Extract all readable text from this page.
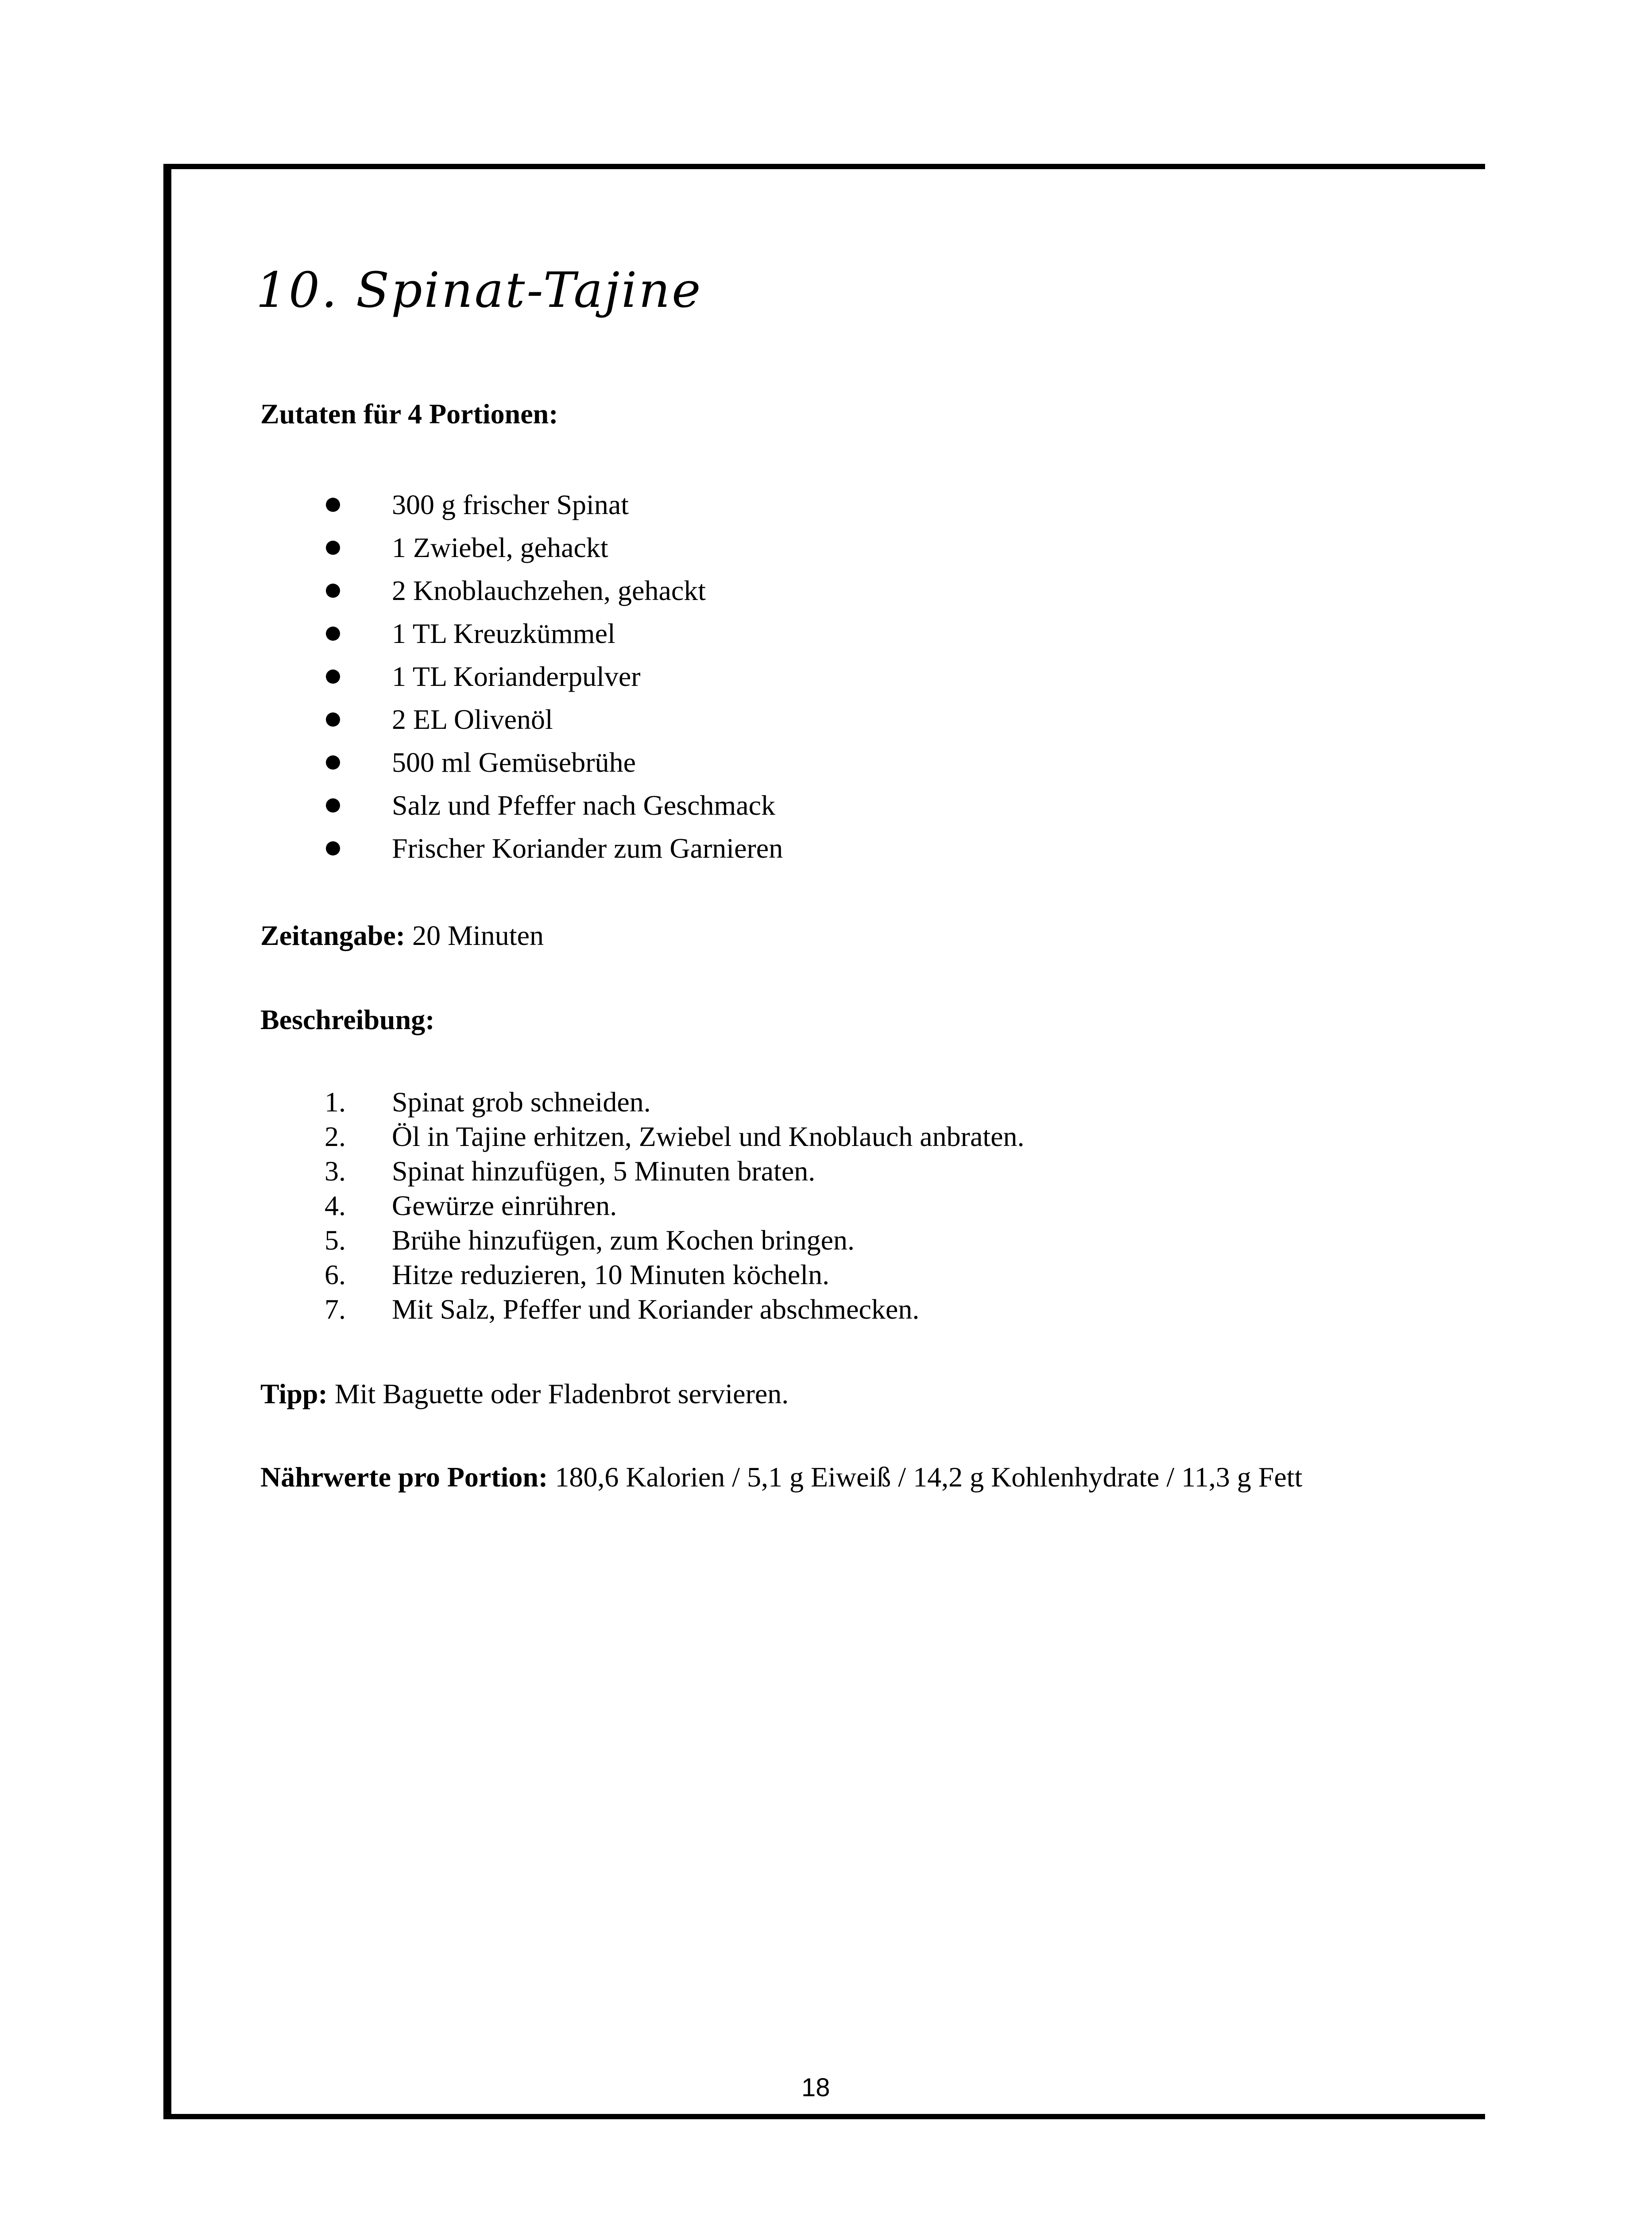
10. Spinat-Tajine
Zutaten für 4 Portionen:
300 g frischer Spinat
1 Zwiebel, gehackt
2 Knoblauchzehen, gehackt
1 TL Kreuzkümmel
1 TL Korianderpulver
2 EL Olivenöl
500 ml Gemüsebrühe
Salz und Pfeffer nach Geschmack
Frischer Koriander zum Garnieren
Zeitangabe: 20 Minuten
Beschreibung:
1. Spinat grob schneiden.
2. Öl in Tajine erhitzen, Zwiebel und Knoblauch anbraten.
3. Spinat hinzufügen, 5 Minuten braten.
4. Gewürze einrühren.
5. Brühe hinzufügen, zum Kochen bringen.
6. Hitze reduzieren, 10 Minuten köcheln.
7. Mit Salz, Pfeffer und Koriander abschmecken.
Tipp: Mit Baguette oder Fladenbrot servieren.
Nährwerte pro Portion: 180,6 Kalorien / 5,1 g Eiweiß / 14,2 g Kohlenhydrate / 11,3 g Fett
18
